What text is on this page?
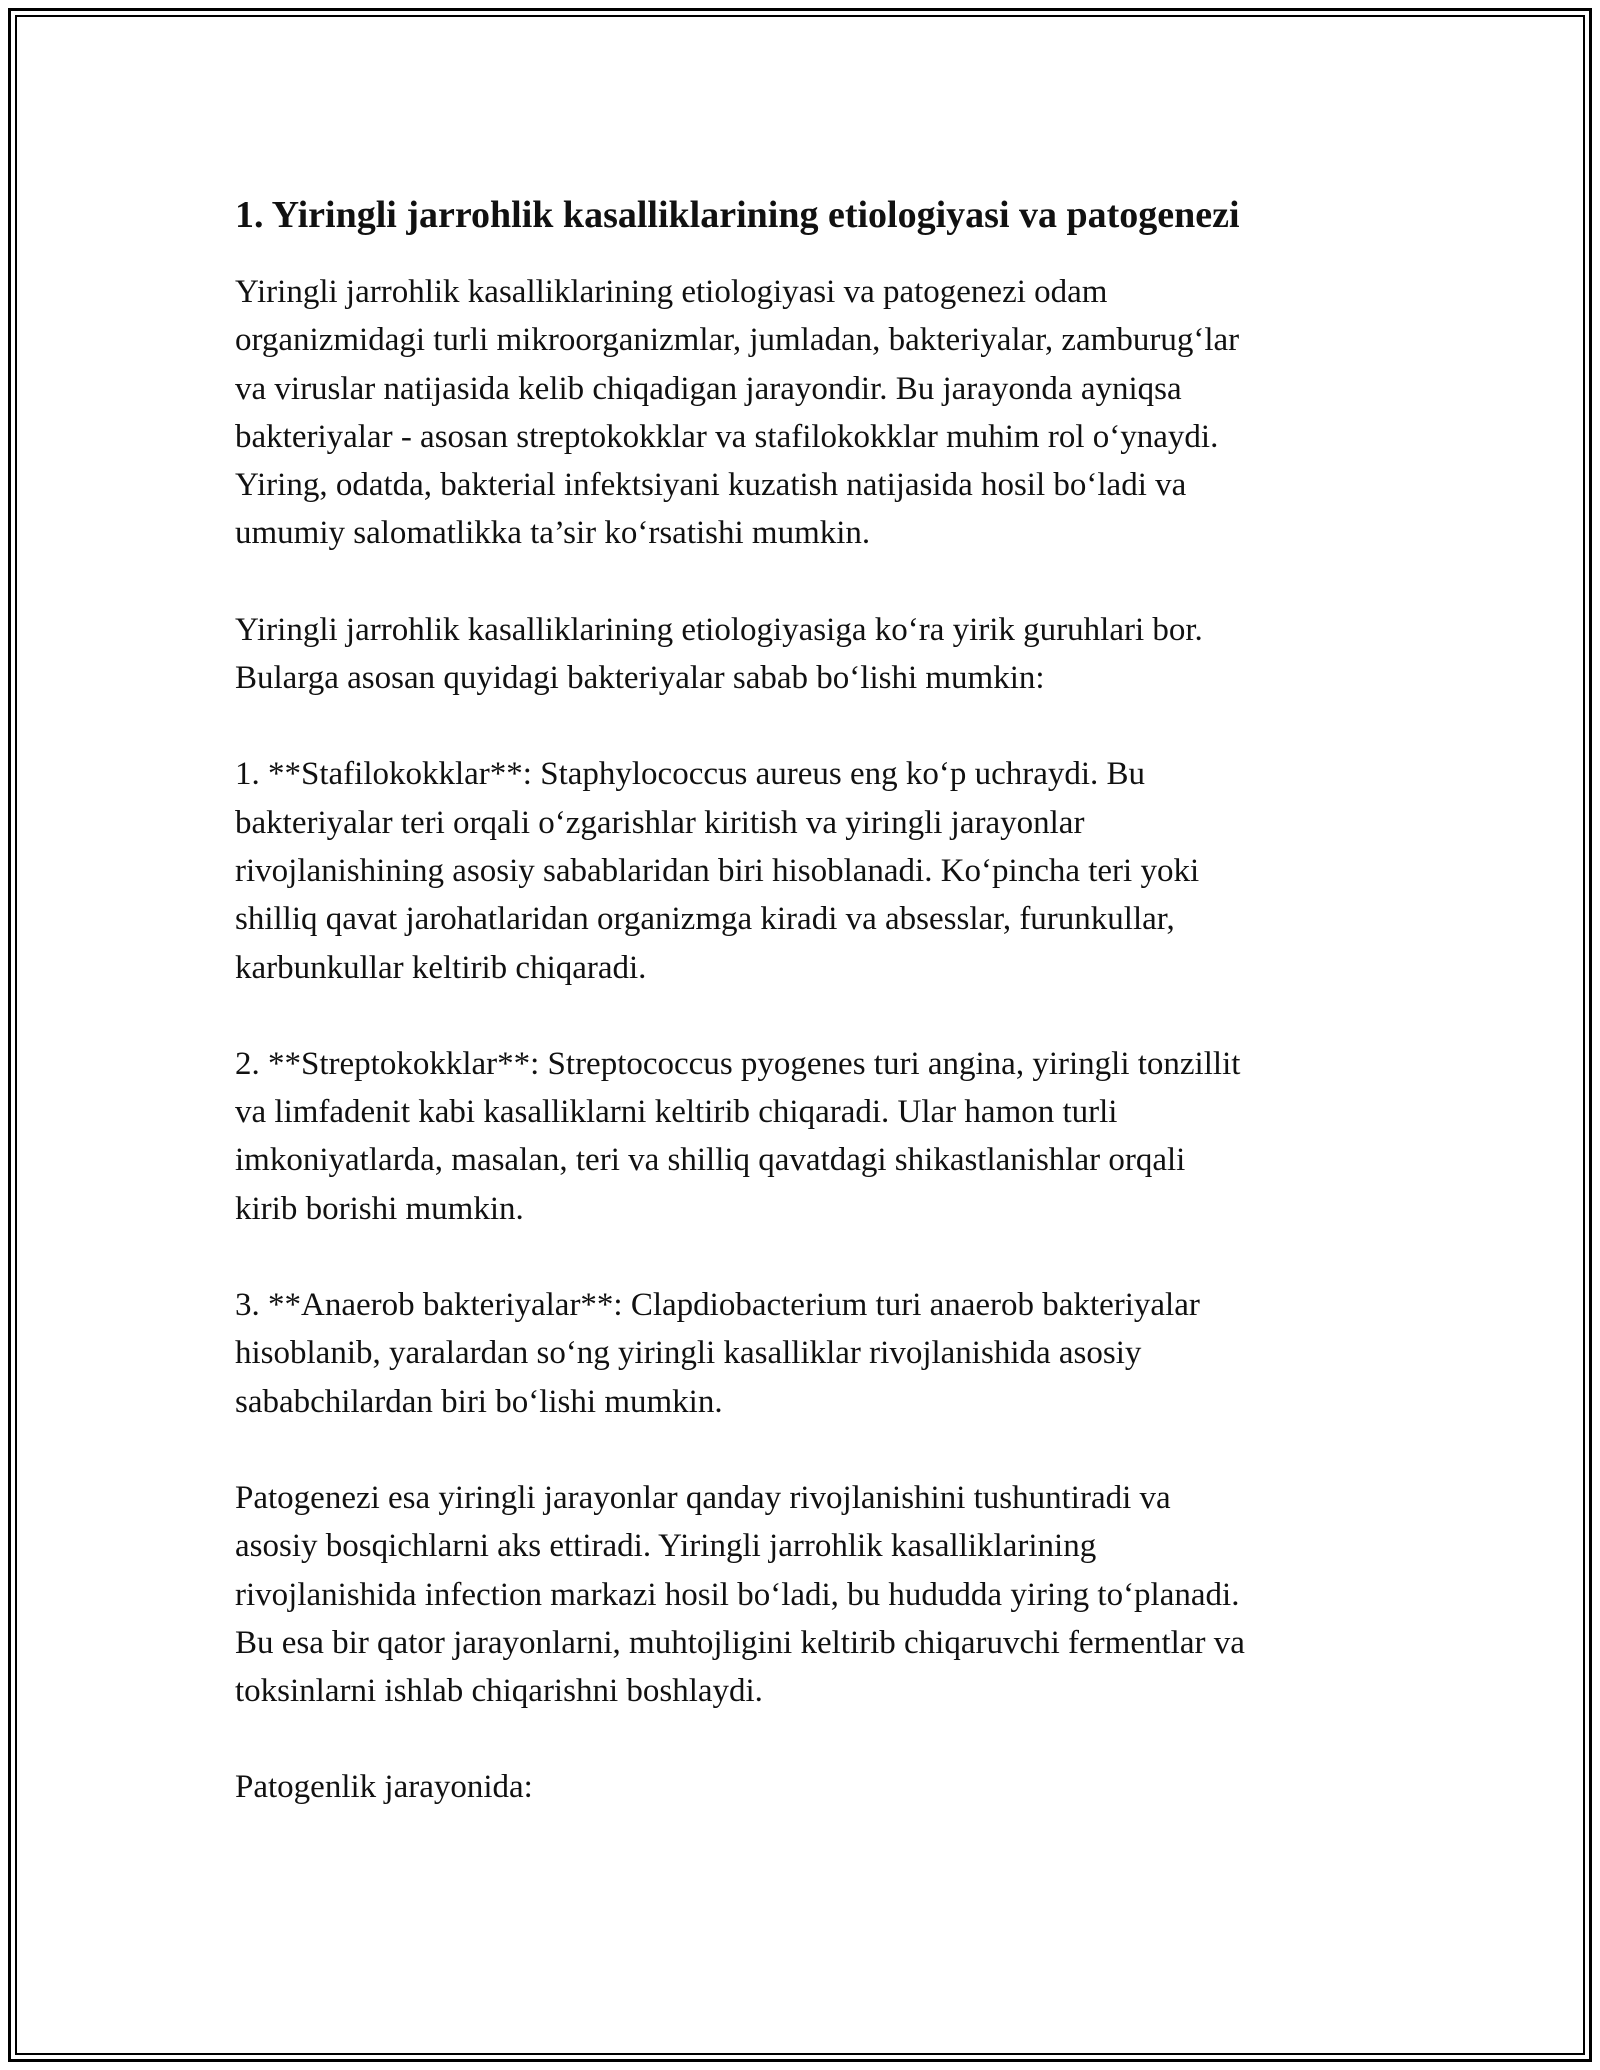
1. Yiringli jarrohlik kasalliklarining etiologiyasi va patogenezi

Yiringli jarrohlik kasalliklarining etiologiyasi va patogenezi odam
organizmidagi turli mikroorganizmlar, jumladan, bakteriyalar, zamburug‘lar
va viruslar natijasida kelib chiqadigan jarayondir. Bu jarayonda ayniqsa
bakteriyalar - asosan streptokokklar va stafilokokklar muhim rol o‘ynaydi.
Yiring, odatda, bakterial infektsiyani kuzatish natijasida hosil bo‘ladi va
umumiy salomatlikka ta’sir ko‘rsatishi mumkin.

Yiringli jarrohlik kasalliklarining etiologiyasiga ko‘ra yirik guruhlari bor.
Bularga asosan quyidagi bakteriyalar sabab bo‘lishi mumkin:

1. **Stafilokokklar**: Staphylococcus aureus eng ko‘p uchraydi. Bu
bakteriyalar teri orqali o‘zgarishlar kiritish va yiringli jarayonlar
rivojlanishining asosiy sabablaridan biri hisoblanadi. Ko‘pincha teri yoki
shilliq qavat jarohatlaridan organizmga kiradi va absesslar, furunkullar,
karbunkullar keltirib chiqaradi.

2. **Streptokokklar**: Streptococcus pyogenes turi angina, yiringli tonzillit
va limfadenit kabi kasalliklarni keltirib chiqaradi. Ular hamon turli
imkoniyatlarda, masalan, teri va shilliq qavatdagi shikastlanishlar orqali
kirib borishi mumkin.

3. **Anaerob bakteriyalar**: Clapdiobacterium turi anaerob bakteriyalar
hisoblanib, yaralardan so‘ng yiringli kasalliklar rivojlanishida asosiy
sababchilardan biri bo‘lishi mumkin.

Patogenezi esa yiringli jarayonlar qanday rivojlanishini tushuntiradi va
asosiy bosqichlarni aks ettiradi. Yiringli jarrohlik kasalliklarining
rivojlanishida infection markazi hosil bo‘ladi, bu hududda yiring to‘planadi.
Bu esa bir qator jarayonlarni, muhtojligini keltirib chiqaruvchi fermentlar va
toksinlarni ishlab chiqarishni boshlaydi.

Patogenlik jarayonida:
